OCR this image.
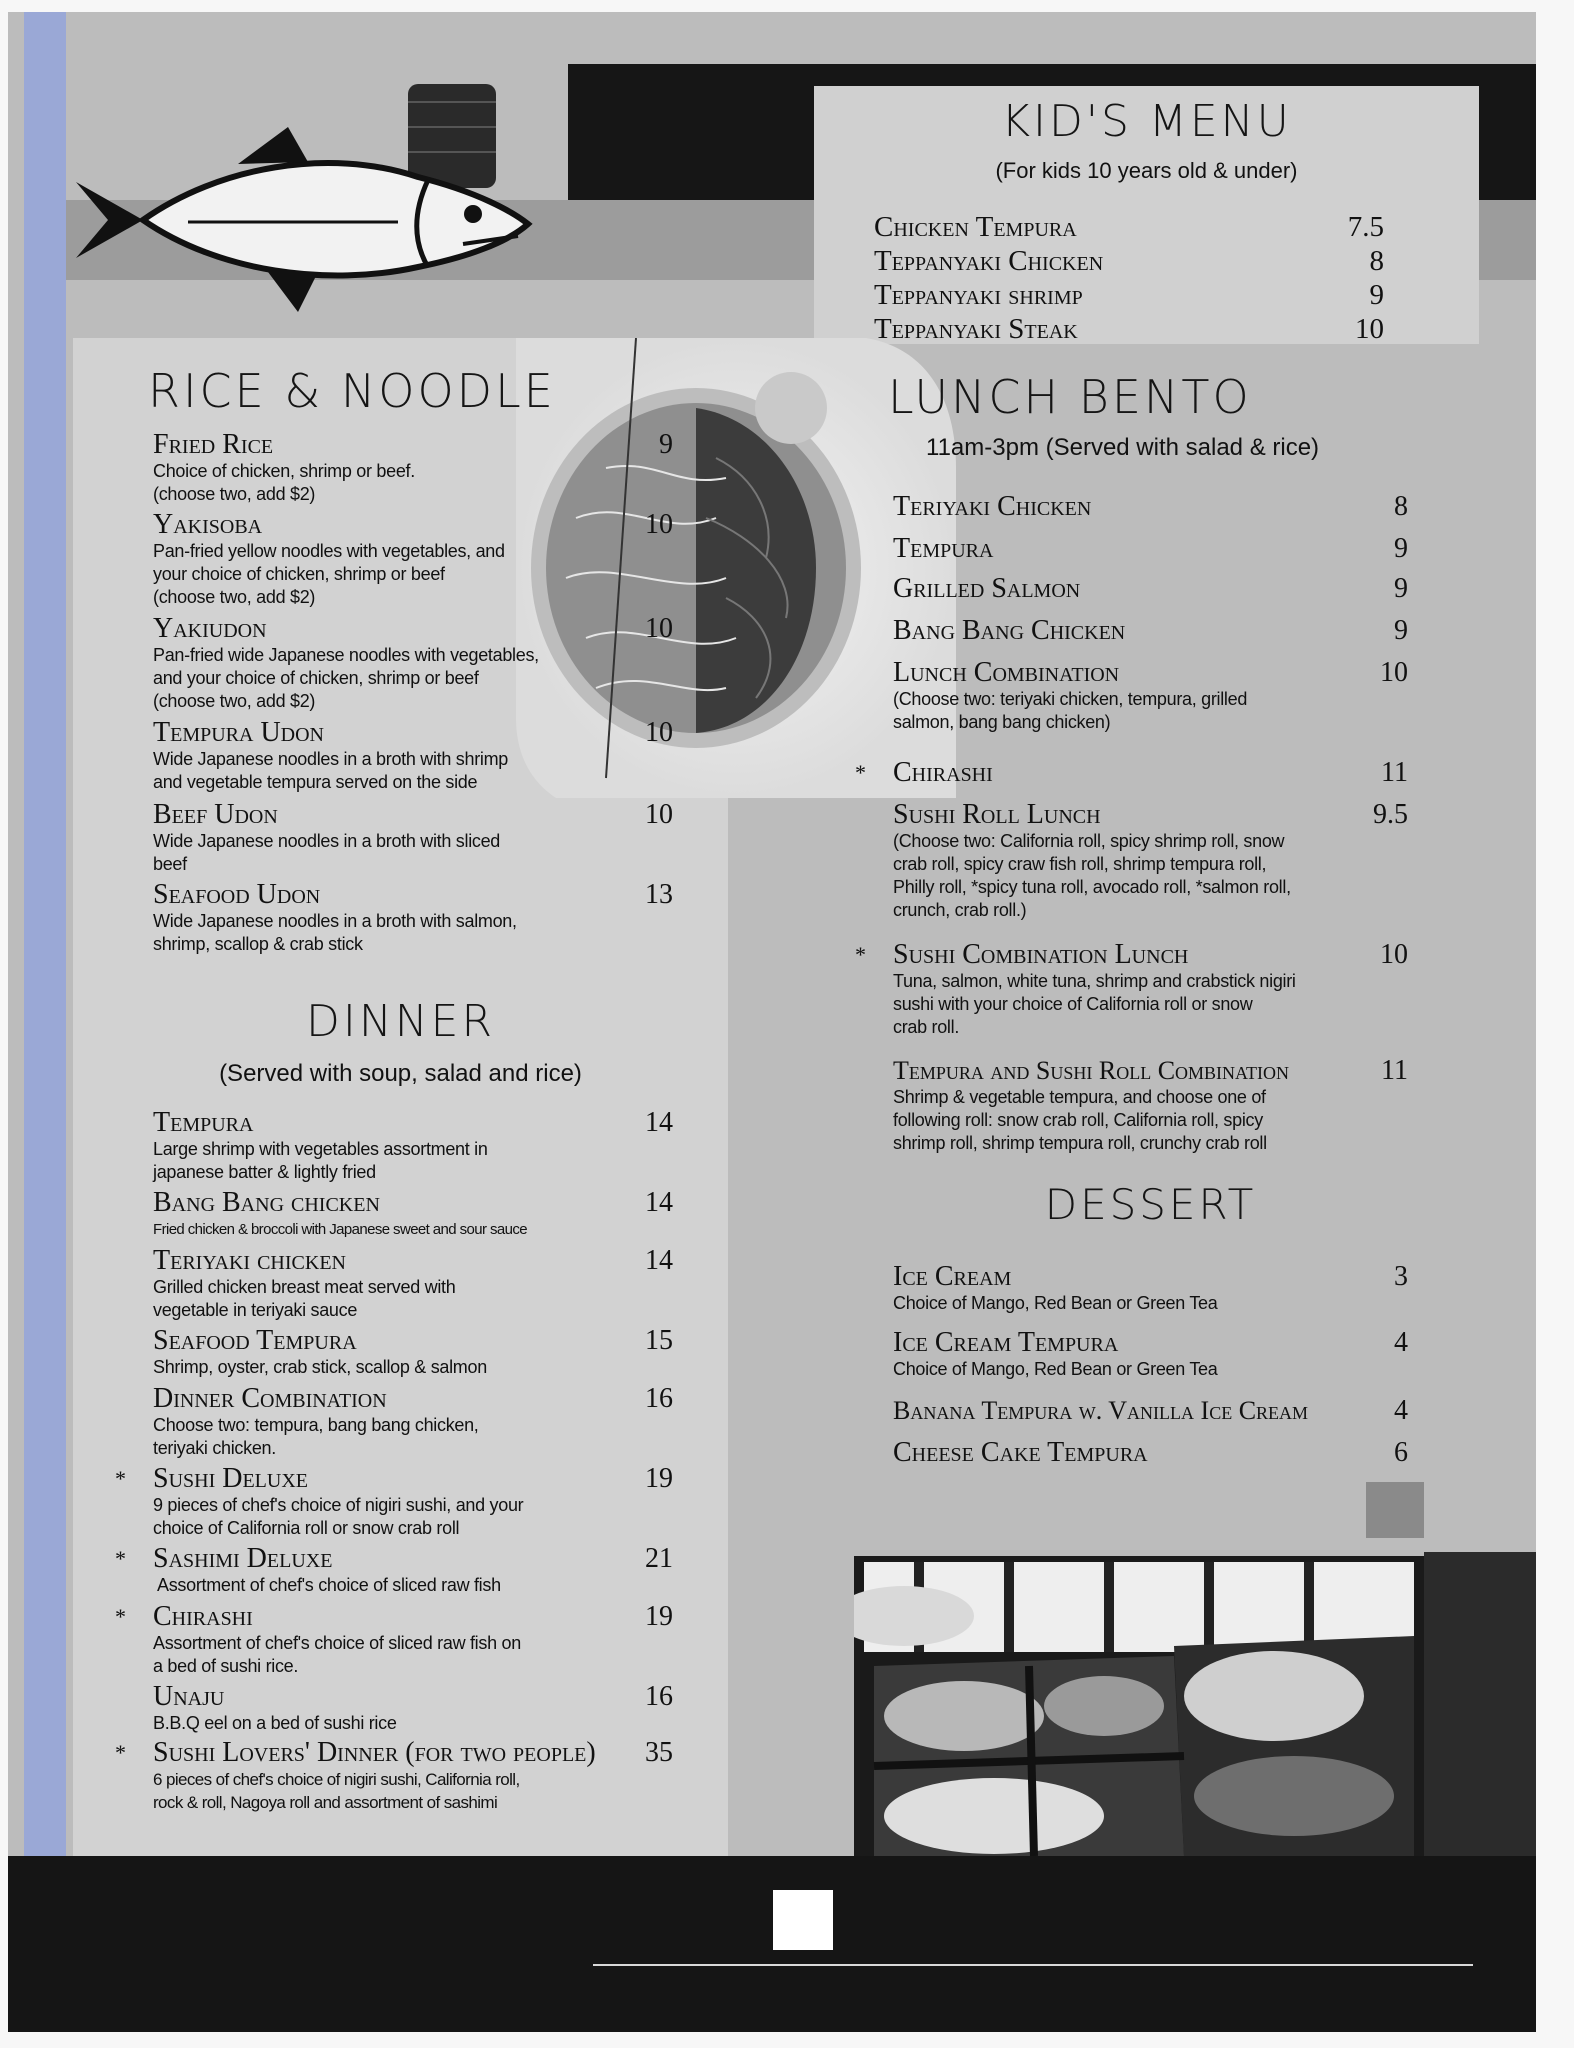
KID'S MENU
(For kids 10 years old & under)
Chicken Tempura	7.5
Teppanyaki Chicken	8
Teppanyaki shrimp	9
Teppanyaki Steak	10
RICE & NOODLE
Fried Rice	9
Choice of chicken, shrimp or beef.
(choose two, add $2)
Yakisoba	10
Pan-fried yellow noodles with vegetables, and
your choice of chicken, shrimp or beef
(choose two, add $2)
Yakiudon	10
Pan-fried wide Japanese noodles with vegetables,
and your choice of chicken, shrimp or beef
(choose two, add $2)
Tempura Udon	10
Wide Japanese noodles in a broth with shrimp
and vegetable tempura served on the side
Beef Udon	10
Wide Japanese noodles in a broth with sliced
beef
Seafood Udon	13
Wide Japanese noodles in a broth with salmon,
shrimp, scallop & crab stick
DINNER
(Served with soup, salad and rice)
Tempura	14
Large shrimp with vegetables assortment in
japanese batter & lightly fried
Bang Bang chicken	14
Fried chicken & broccoli with Japanese sweet and sour sauce
Teriyaki chicken	14
Grilled chicken breast meat served with
vegetable in teriyaki sauce
Seafood Tempura	15
Shrimp, oyster, crab stick, scallop & salmon
Dinner Combination	16
Choose two: tempura, bang bang chicken,
teriyaki chicken.
* Sushi Deluxe	19
9 pieces of chef's choice of nigiri sushi, and your
choice of California roll or snow crab roll
* Sashimi Deluxe	21
Assortment of chef's choice of sliced raw fish
* Chirashi	19
Assortment of chef's choice of sliced raw fish on
a bed of sushi rice.
Unaju	16
B.B.Q eel on a bed of sushi rice
* Sushi Lovers' Dinner (for two people)	35
6 pieces of chef's choice of nigiri sushi, California roll,
rock & roll, Nagoya roll and assortment of sashimi
LUNCH BENTO
11am-3pm (Served with salad & rice)
Teriyaki Chicken	8
Tempura	9
Grilled Salmon	9
Bang Bang Chicken	9
Lunch Combination	10
(Choose two: teriyaki chicken, tempura, grilled
salmon, bang bang chicken)
* Chirashi	11
Sushi Roll Lunch	9.5
(Choose two: California roll, spicy shrimp roll, snow
crab roll, spicy craw fish roll, shrimp tempura roll,
Philly roll, *spicy tuna roll, avocado roll, *salmon roll,
crunch, crab roll.)
* Sushi Combination Lunch	10
Tuna, salmon, white tuna, shrimp and crabstick nigiri
sushi with your choice of California roll or snow
crab roll.
Tempura and Sushi Roll Combination	11
Shrimp & vegetable tempura, and choose one of
following roll: snow crab roll, California roll, spicy
shrimp roll, shrimp tempura roll, crunchy crab roll
DESSERT
Ice Cream	3
Choice of Mango, Red Bean or Green Tea
Ice Cream Tempura	4
Choice of Mango, Red Bean or Green Tea
Banana Tempura w. Vanilla Ice Cream	4
Cheese Cake Tempura	6
